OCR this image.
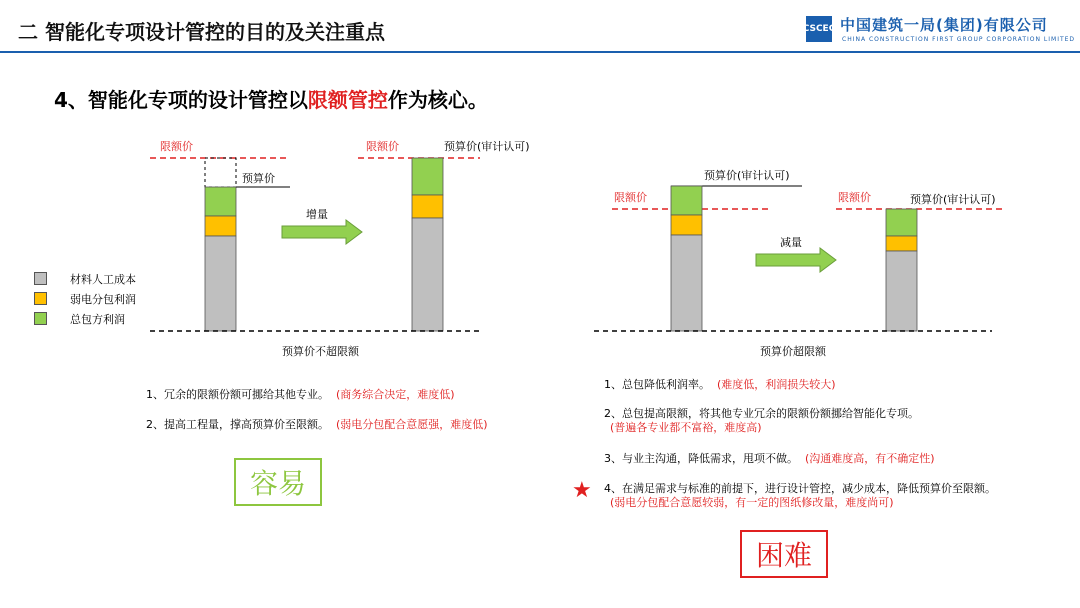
二 智能化专项设计管控的目的及关注重点	CSCEC 中国建筑一局(集团)有限公司
CHINA CONSTRUCTION FIRST GROUP CORPORATION LIMITED
4、智能化专项的设计管控以限额管控作为核心。
限额价
预算价
限额价	预算价(审计认可)
增量
预算价不超限额
材料人工成本
弱电分包利润
总包方利润
预算价(审计认可)
限额价	限额价	预算价(审计认可)
减量
预算价超限额
1、冗余的限额份额可挪给其他专业。 (商务综合决定，难度低)
2、提高工程量，撑高预算价至限额。 (弱电分包配合意愿强，难度低)
容易
1、总包降低利润率。 (难度低，利润损失较大)
2、总包提高限额，将其他专业冗余的限额份额挪给智能化专项。
(普遍各专业都不富裕，难度高)
3、与业主沟通，降低需求，甩项不做。 (沟通难度高，有不确定性)
★ 4、在满足需求与标准的前提下，进行设计管控，减少成本，降低预算价至限额。
(弱电分包配合意愿较弱，有一定的图纸修改量，难度尚可)
困难
